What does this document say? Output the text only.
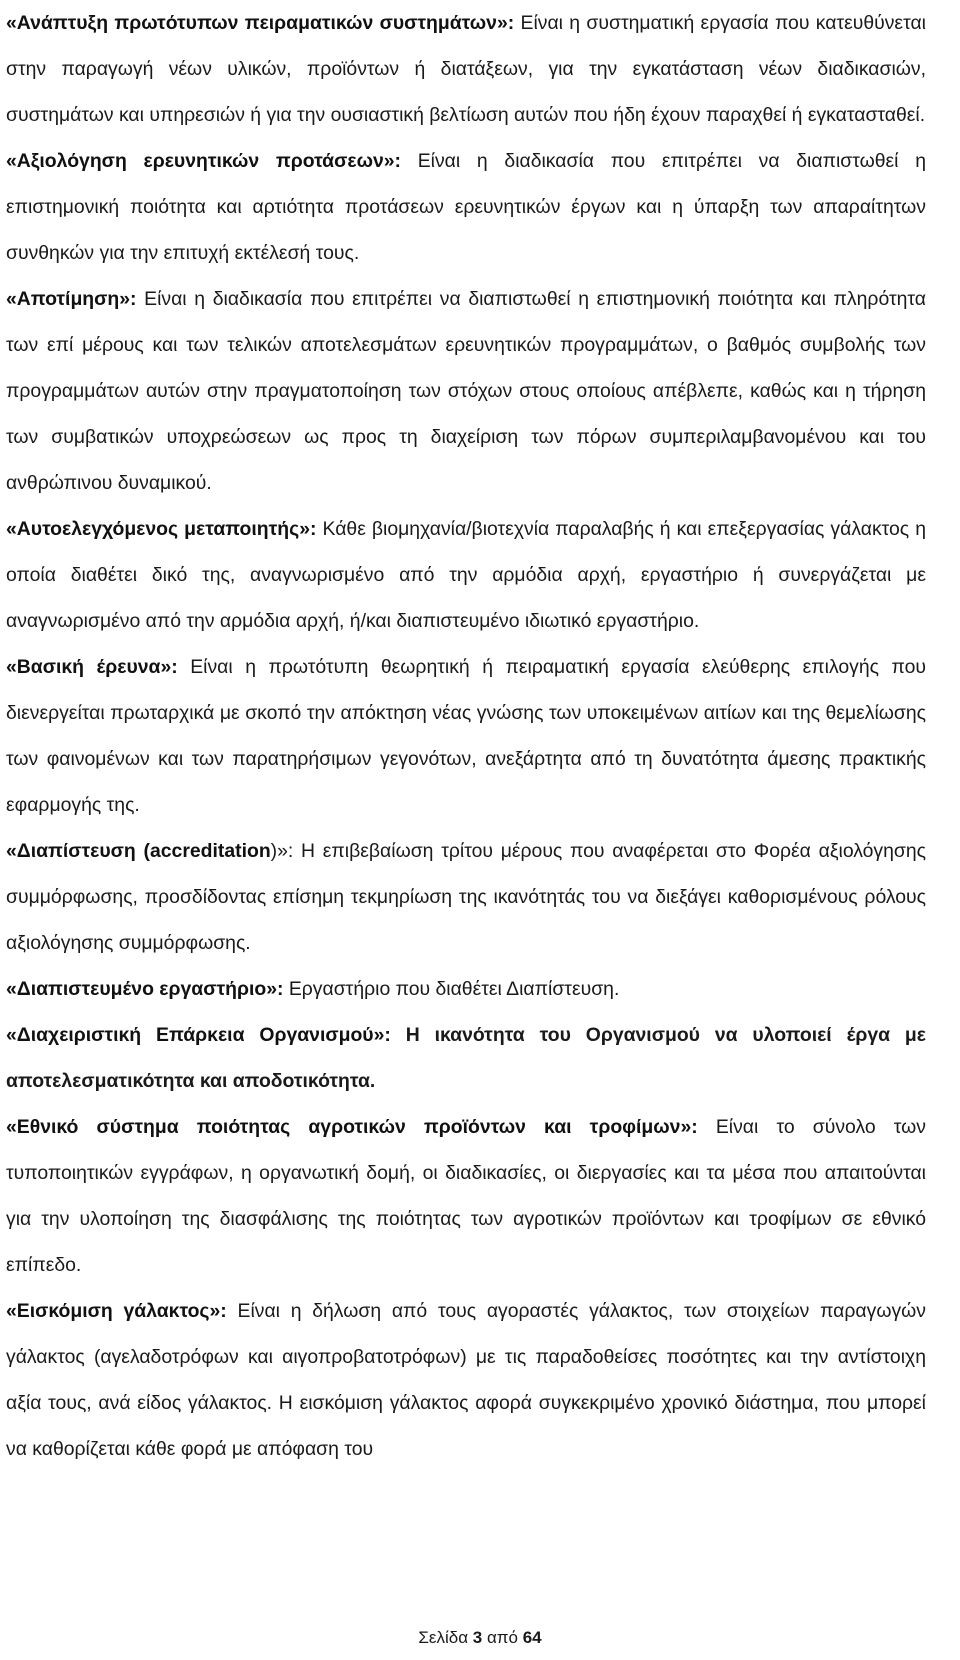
«Ανάπτυξη πρωτότυπων πειραματικών συστημάτων»: Είναι η συστηματική εργασία που κατευθύνεται στην παραγωγή νέων υλικών, προϊόντων ή διατάξεων, για την εγκατάσταση νέων διαδικασιών, συστημάτων και υπηρεσιών ή για την ουσιαστική βελτίωση αυτών που ήδη έχουν παραχθεί ή εγκατασταθεί.

«Αξιολόγηση ερευνητικών προτάσεων»: Είναι η διαδικασία που επιτρέπει να διαπιστωθεί η επιστημονική ποιότητα και αρτιότητα προτάσεων ερευνητικών έργων και η ύπαρξη των απαραίτητων συνθηκών για την επιτυχή εκτέλεσή τους.

«Αποτίμηση»: Είναι η διαδικασία που επιτρέπει να διαπιστωθεί η επιστημονική ποιότητα και πληρότητα των επί μέρους και των τελικών αποτελεσμάτων ερευνητικών προγραμμάτων, ο βαθμός συμβολής των προγραμμάτων αυτών στην πραγματοποίηση των στόχων στους οποίους απέβλεπε, καθώς και η τήρηση των συμβατικών υποχρεώσεων ως προς τη διαχείριση των πόρων συμπεριλαμβανομένου και του ανθρώπινου δυναμικού.

«Αυτοελεγχόμενος μεταποιητής»: Κάθε βιομηχανία/βιοτεχνία παραλαβής ή και επεξεργασίας γάλακτος η οποία διαθέτει δικό της, αναγνωρισμένο από την αρμόδια αρχή, εργαστήριο ή συνεργάζεται με αναγνωρισμένο από την αρμόδια αρχή, ή/και διαπιστευμένο ιδιωτικό εργαστήριο.

«Βασική έρευνα»: Είναι η πρωτότυπη θεωρητική ή πειραματική εργασία ελεύθερης επιλογής που διενεργείται πρωταρχικά με σκοπό την απόκτηση νέας γνώσης των υποκειμένων αιτίων και της θεμελίωσης των φαινομένων και των παρατηρήσιμων γεγονότων, ανεξάρτητα από τη δυνατότητα άμεσης πρακτικής εφαρμογής της.

«Διαπίστευση (accreditation)»: Η επιβεβαίωση τρίτου μέρους που αναφέρεται στο Φορέα αξιολόγησης συμμόρφωσης, προσδίδοντας επίσημη τεκμηρίωση της ικανότητάς του να διεξάγει καθορισμένους ρόλους αξιολόγησης συμμόρφωσης.

«Διαπιστευμένο εργαστήριο»: Εργαστήριο που διαθέτει Διαπίστευση.

«Διαχειριστική Επάρκεια Οργανισμού»: Η ικανότητα του Οργανισμού να υλοποιεί έργα με αποτελεσματικότητα και αποδοτικότητα.

«Εθνικό σύστημα ποιότητας αγροτικών προϊόντων και τροφίμων»: Είναι το σύνολο των τυποποιητικών εγγράφων, η οργανωτική δομή, οι διαδικασίες, οι διεργασίες και τα μέσα που απαιτούνται για την υλοποίηση της διασφάλισης της ποιότητας των αγροτικών προϊόντων και τροφίμων σε εθνικό επίπεδο.

«Εισκόμιση γάλακτος»: Είναι η δήλωση από τους αγοραστές γάλακτος, των στοιχείων παραγωγών γάλακτος (αγελαδοτρόφων και αιγοπροβατοτρόφων) με τις παραδοθείσες ποσότητες και την αντίστοιχη αξία τους, ανά είδος γάλακτος. Η εισκόμιση γάλακτος αφορά συγκεκριμένο χρονικό διάστημα, που μπορεί να καθορίζεται κάθε φορά με απόφαση του

Σελίδα 3 από 64
